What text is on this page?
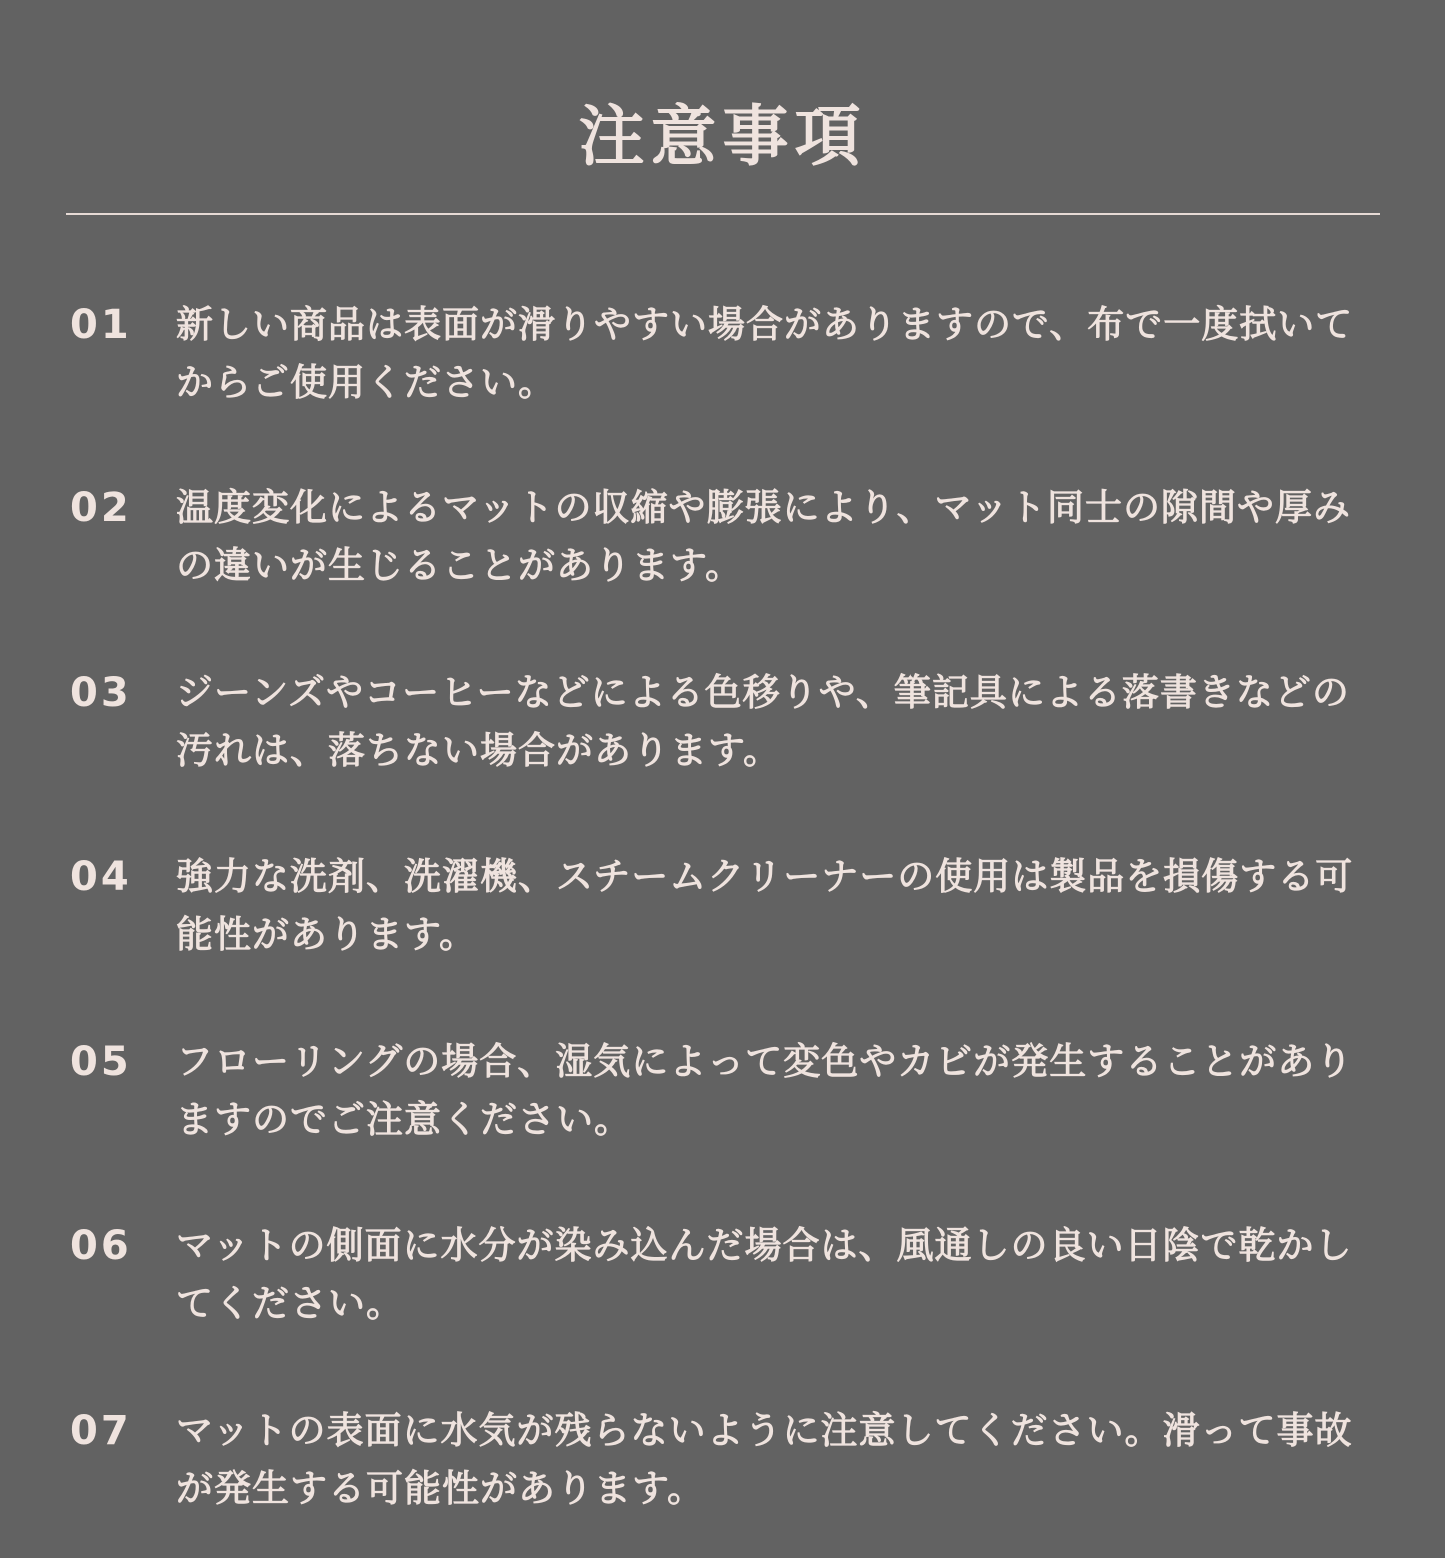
注意事項
01	新しい商品は表面が滑りやすい場合がありますので、布で一度拭いてからご使用ください。
02	温度変化によるマットの収縮や膨張により、マット同士の隙間や厚みの違いが生じることがあります。
03	ジーンズやコーヒーなどによる色移りや、筆記具による落書きなどの汚れは、落ちない場合があります。
04	強力な洗剤、洗濯機、スチームクリーナーの使用は製品を損傷する可能性があります。
05	フローリングの場合、湿気によって変色やカビが発生することがありますのでご注意ください。
06	マットの側面に水分が染み込んだ場合は、風通しの良い日陰で乾かしてください。
07	マットの表面に水気が残らないように注意してください。滑って事故が発生する可能性があります。
